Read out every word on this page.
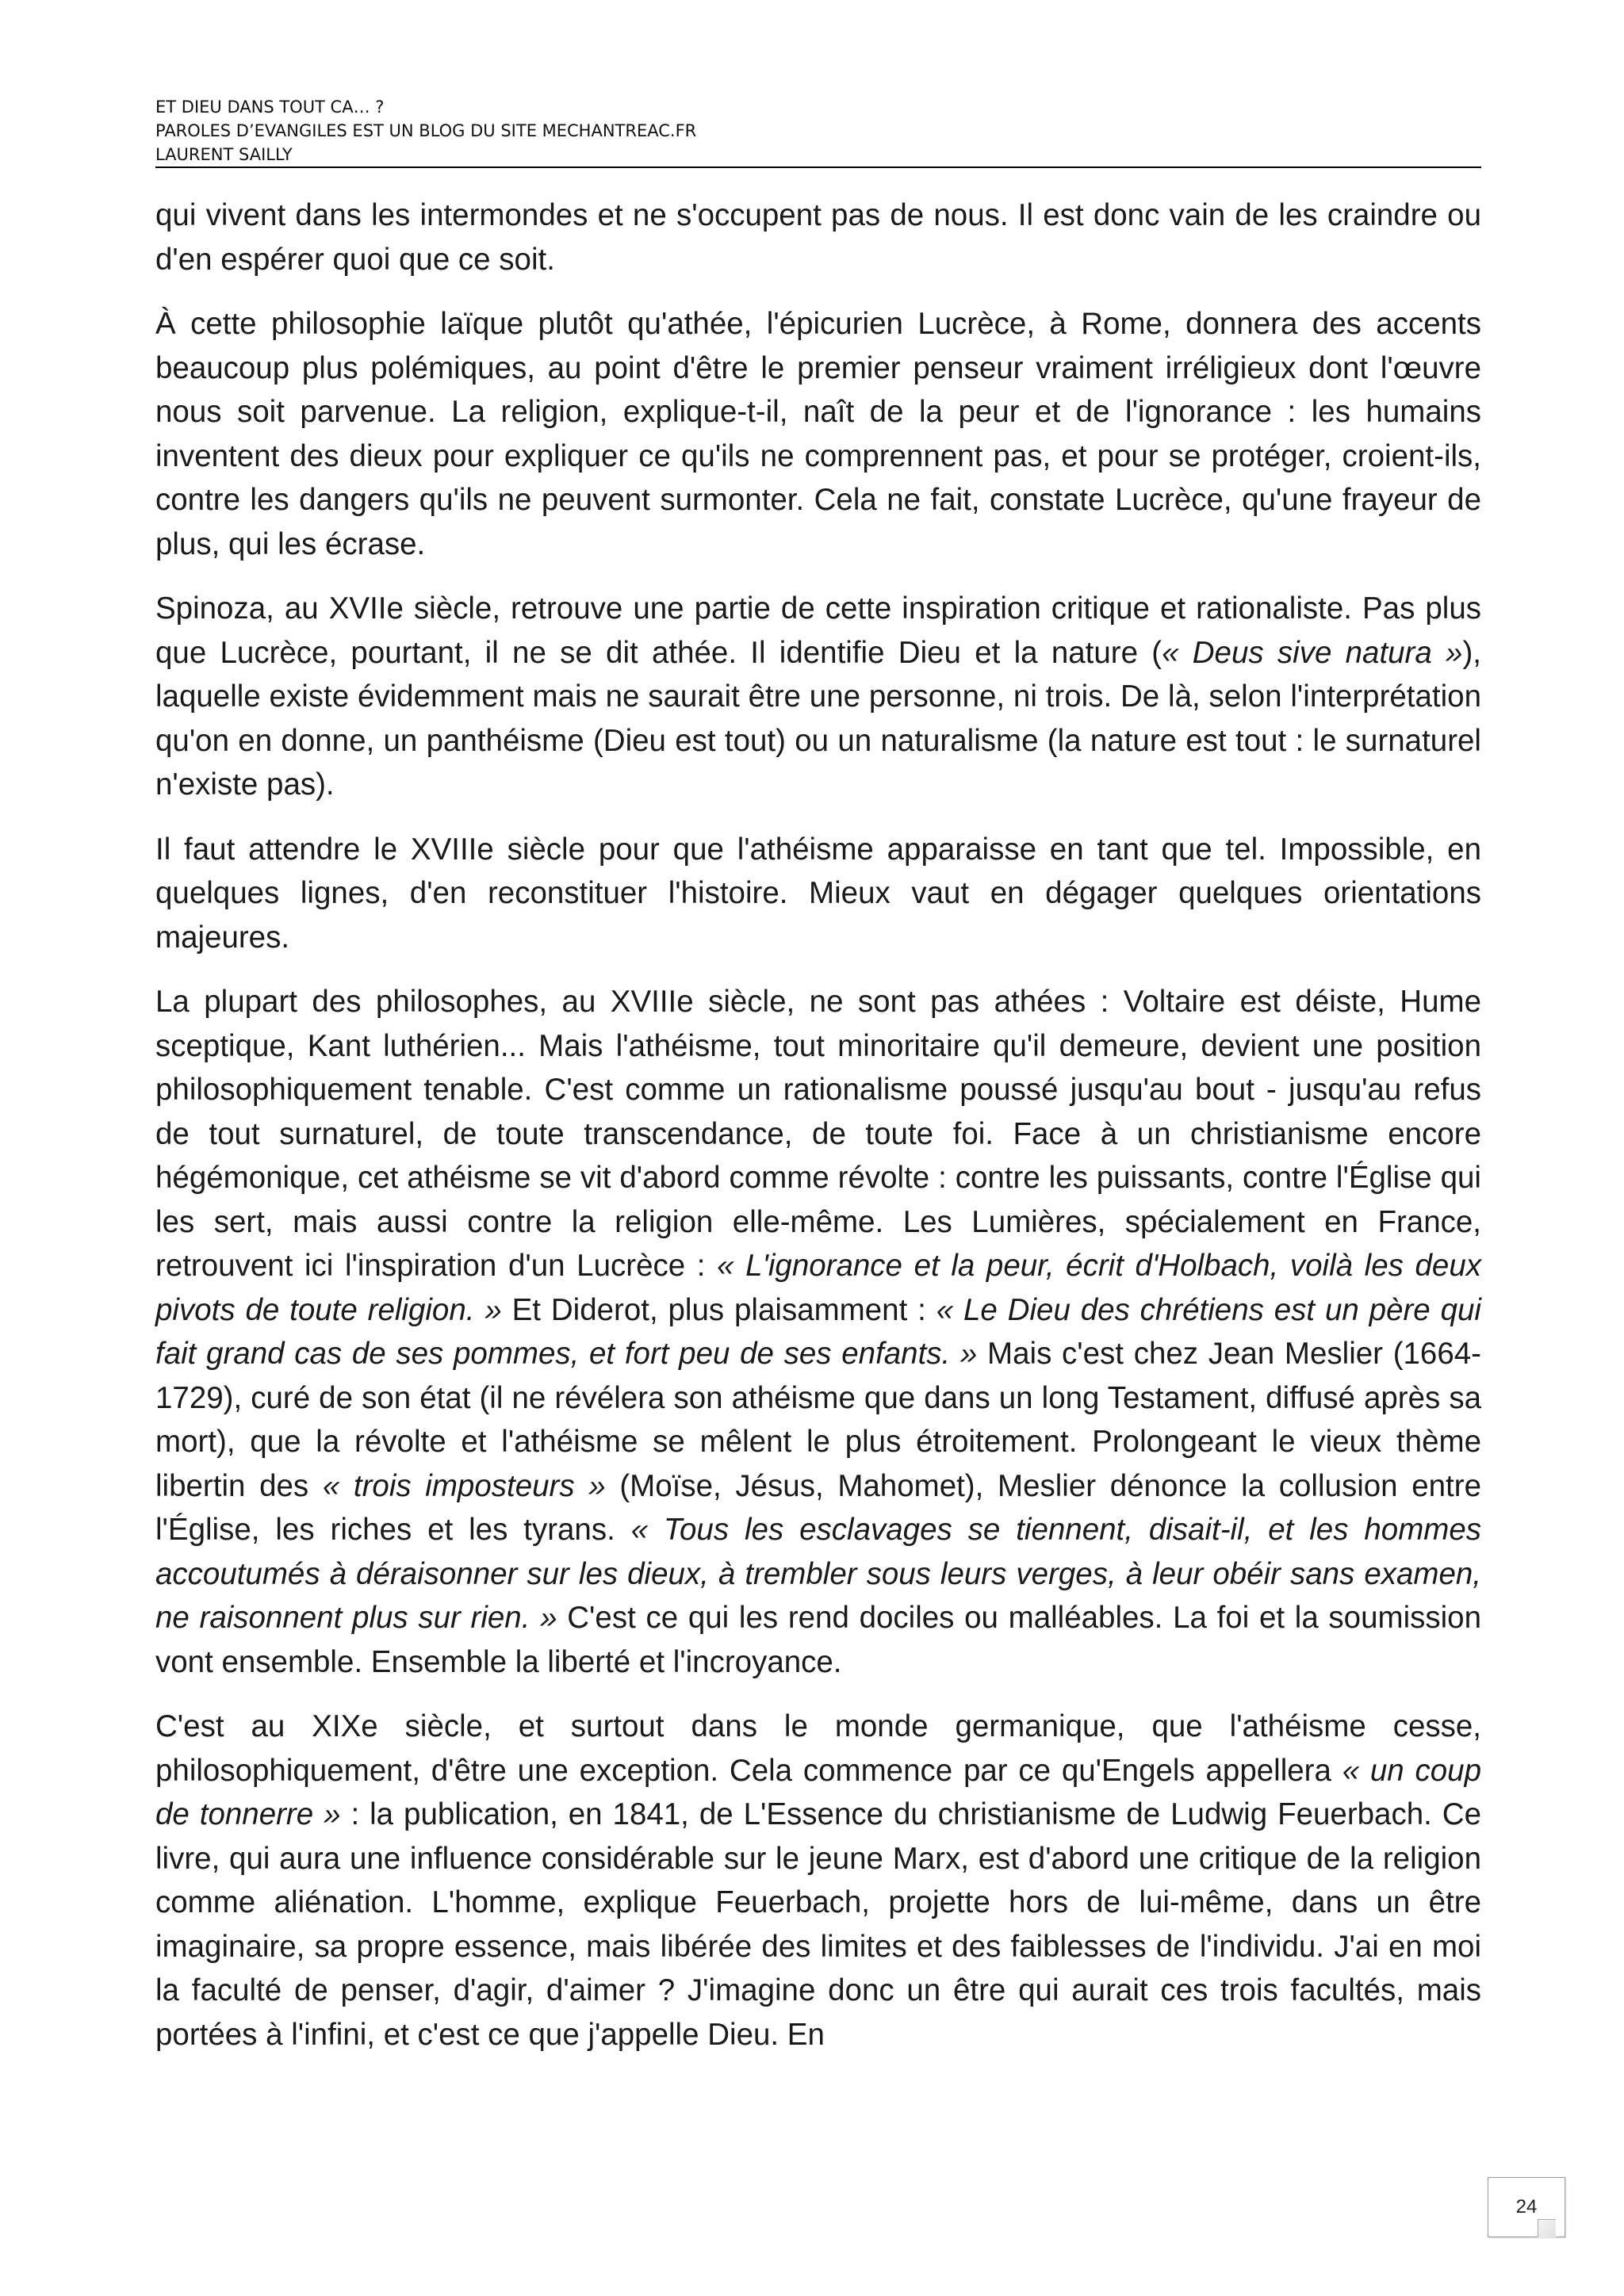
ET DIEU DANS TOUT CA… ?
PAROLES D’EVANGILES EST UN BLOG DU SITE MECHANTREAC.FR
LAURENT SAILLY

qui vivent dans les intermondes et ne s'occupent pas de nous. Il est donc vain de les craindre ou d'en espérer quoi que ce soit.

À cette philosophie laïque plutôt qu'athée, l'épicurien Lucrèce, à Rome, donnera des accents beaucoup plus polémiques, au point d'être le premier penseur vraiment irréligieux dont l'œuvre nous soit parvenue. La religion, explique-t-il, naît de la peur et de l'ignorance : les humains inventent des dieux pour expliquer ce qu'ils ne comprennent pas, et pour se protéger, croient-ils, contre les dangers qu'ils ne peuvent surmonter. Cela ne fait, constate Lucrèce, qu'une frayeur de plus, qui les écrase.

Spinoza, au XVIIe siècle, retrouve une partie de cette inspiration critique et rationaliste. Pas plus que Lucrèce, pourtant, il ne se dit athée. Il identifie Dieu et la nature (« Deus sive natura »), laquelle existe évidemment mais ne saurait être une personne, ni trois. De là, selon l'interprétation qu'on en donne, un panthéisme (Dieu est tout) ou un naturalisme (la nature est tout : le surnaturel n'existe pas).

Il faut attendre le XVIIIe siècle pour que l'athéisme apparaisse en tant que tel. Impossible, en quelques lignes, d'en reconstituer l'histoire. Mieux vaut en dégager quelques orientations majeures.

La plupart des philosophes, au XVIIIe siècle, ne sont pas athées : Voltaire est déiste, Hume sceptique, Kant luthérien... Mais l'athéisme, tout minoritaire qu'il demeure, devient une position philosophiquement tenable. C'est comme un rationalisme poussé jusqu'au bout - jusqu'au refus de tout surnaturel, de toute transcendance, de toute foi. Face à un christianisme encore hégémonique, cet athéisme se vit d'abord comme révolte : contre les puissants, contre l'Église qui les sert, mais aussi contre la religion elle-même. Les Lumières, spécialement en France, retrouvent ici l'inspiration d'un Lucrèce : « L'ignorance et la peur, écrit d'Holbach, voilà les deux pivots de toute religion. » Et Diderot, plus plaisamment : « Le Dieu des chrétiens est un père qui fait grand cas de ses pommes, et fort peu de ses enfants. » Mais c'est chez Jean Meslier (1664-1729), curé de son état (il ne révélera son athéisme que dans un long Testament, diffusé après sa mort), que la révolte et l'athéisme se mêlent le plus étroitement. Prolongeant le vieux thème libertin des « trois imposteurs » (Moïse, Jésus, Mahomet), Meslier dénonce la collusion entre l'Église, les riches et les tyrans. « Tous les esclavages se tiennent, disait-il, et les hommes accoutumés à déraisonner sur les dieux, à trembler sous leurs verges, à leur obéir sans examen, ne raisonnent plus sur rien. » C'est ce qui les rend dociles ou malléables. La foi et la soumission vont ensemble. Ensemble la liberté et l'incroyance.

C'est au XIXe siècle, et surtout dans le monde germanique, que l'athéisme cesse, philosophiquement, d'être une exception. Cela commence par ce qu'Engels appellera « un coup de tonnerre » : la publication, en 1841, de L'Essence du christianisme de Ludwig Feuerbach. Ce livre, qui aura une influence considérable sur le jeune Marx, est d'abord une critique de la religion comme aliénation. L'homme, explique Feuerbach, projette hors de lui-même, dans un être imaginaire, sa propre essence, mais libérée des limites et des faiblesses de l'individu. J'ai en moi la faculté de penser, d'agir, d'aimer ? J'imagine donc un être qui aurait ces trois facultés, mais portées à l'infini, et c'est ce que j'appelle Dieu. En

24
